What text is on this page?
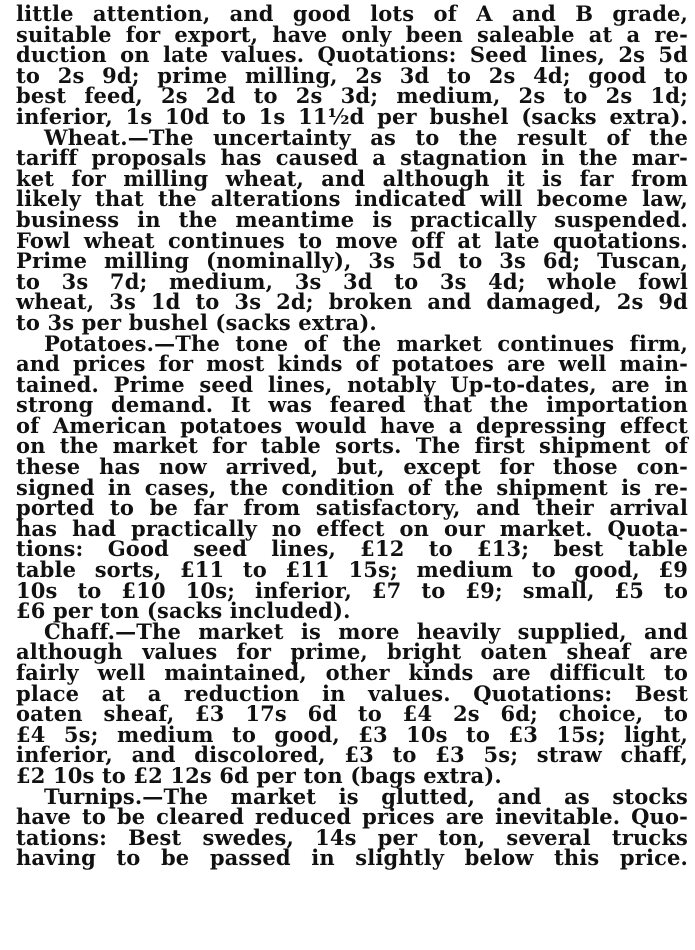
little attention, and good lots of A and B grade,
suitable for export, have only been saleable at a re-
duction on late values. Quotations: Seed lines, 2s 5d
to 2s 9d; prime milling, 2s 3d to 2s 4d; good to
best feed, 2s 2d to 2s 3d; medium, 2s to 2s 1d;
inferior, 1s 10d to 1s 11½d per bushel (sacks extra).
Wheat.—The uncertainty as to the result of the
tariff proposals has caused a stagnation in the mar-
ket for milling wheat, and although it is far from
likely that the alterations indicated will become law,
business in the meantime is practically suspended.
Fowl wheat continues to move off at late quotations.
Prime milling (nominally), 3s 5d to 3s 6d; Tuscan,
to 3s 7d; medium, 3s 3d to 3s 4d; whole fowl
wheat, 3s 1d to 3s 2d; broken and damaged, 2s 9d
to 3s per bushel (sacks extra).
Potatoes.—The tone of the market continues firm,
and prices for most kinds of potatoes are well main-
tained. Prime seed lines, notably Up-to-dates, are in
strong demand. It was feared that the importation
of American potatoes would have a depressing effect
on the market for table sorts. The first shipment of
these has now arrived, but, except for those con-
signed in cases, the condition of the shipment is re-
ported to be far from satisfactory, and their arrival
has had practically no effect on our market. Quota-
tions: Good seed lines, £12 to £13; best table
table sorts, £11 to £11 15s; medium to good, £9
10s to £10 10s; inferior, £7 to £9; small, £5 to
£6 per ton (sacks included).
Chaff.—The market is more heavily supplied, and
although values for prime, bright oaten sheaf are
fairly well maintained, other kinds are difficult to
place at a reduction in values. Quotations: Best
oaten sheaf, £3 17s 6d to £4 2s 6d; choice, to
£4 5s; medium to good, £3 10s to £3 15s; light,
inferior, and discolored, £3 to £3 5s; straw chaff,
£2 10s to £2 12s 6d per ton (bags extra).
Turnips.—The market is glutted, and as stocks
have to be cleared reduced prices are inevitable. Quo-
tations: Best swedes, 14s per ton, several trucks
having to be passed in slightly below this price.
